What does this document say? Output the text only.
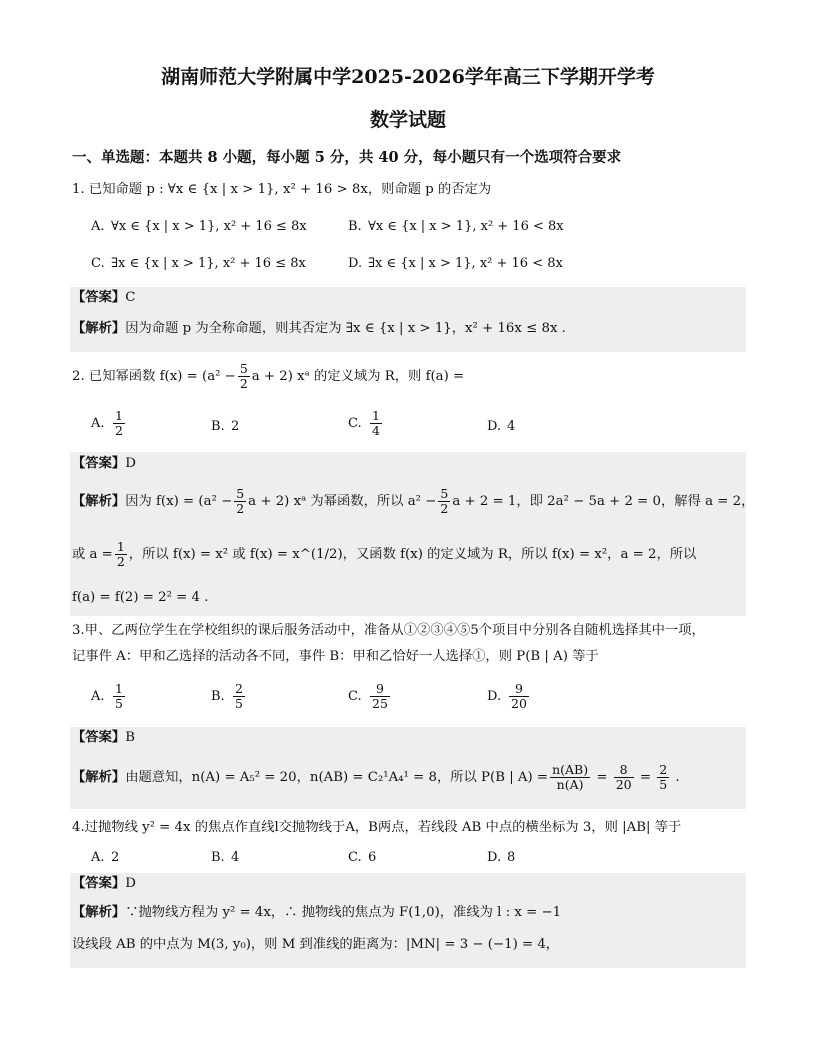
湖南师范大学附属中学2025-2026学年高三下学期开学考
数学试题
一、单选题：本题共 8 小题，每小题 5 分，共 40 分，每小题只有一个选项符合要求
1. 已知命题 p : ∀x ∈ {x | x > 1}, x² + 16 > 8x，则命题 p 的否定为
A. ∀x ∈ {x | x > 1}, x² + 16 ≤ 8x	B. ∀x ∈ {x | x > 1}, x² + 16 < 8x
C. ∃x ∈ {x | x > 1}, x² + 16 ≤ 8x	D. ∃x ∈ {x | x > 1}, x² + 16 < 8x
【答案】C
【解析】因为命题 p 为全称命题，则其否定为 ∃x ∈ {x | x > 1}，x² + 16x ≤ 8x .
2. 已知幂函数 $f(x) = (a^2 - \frac{5}{2}$ a + 2) xᵃ 的定义域为 R，则 f(a) =
A. $\frac{1}{2}$	B. 2	C. $\frac{1}{4}$	D. 4
【答案】D
【解析】因为 $f(x) = (a^2 - \frac{5}{2}$ a + 2) xᵃ 为幂函数，所以 $a^2 - \frac{5}{2}$ a + 2 = 1，即 2a² − 5a + 2 = 0，解得 a = 2，
或 $a = \frac{1}{2}$ ，所以 f(x) = x² 或 f(x) = x^(1/2)，又函数 f(x) 的定义域为 R，所以 f(x) = x²，a = 2，所以
f(a) = f(2) = 2² = 4 .
3.甲、乙两位学生在学校组织的课后服务活动中，准备从①②③④⑤5个项目中分别各自随机选择其中一项，
记事件 A：甲和乙选择的活动各不同，事件 B：甲和乙恰好一人选择①，则 P(B | A) 等于
A. $\frac{1}{5}$	B. $\frac{2}{5}$	C. $\frac{9}{25}$	D. $\frac{9}{20}$
【答案】B
【解析】由题意知，n(A) = A₅² = 20，n(AB) = C₂¹A₄¹ = 8，所以 P(B | $A) = \frac{n(AB)}{n(A)} = \frac{8}{20} = \frac{2}{5}$ .
4.过抛物线 y² = 4x 的焦点作直线l交抛物线于A，B两点，若线段 AB 中点的横坐标为 3，则 |AB| 等于
A. 2	B. 4	C. 6	D. 8
【答案】D
【解析】∵抛物线方程为 y² = 4x，∴ 抛物线的焦点为 F(1,0)，准线为 l : x = −1
设线段 AB 的中点为 M(3, y₀)，则 M 到准线的距离为：|MN| = 3 − (−1) = 4，
